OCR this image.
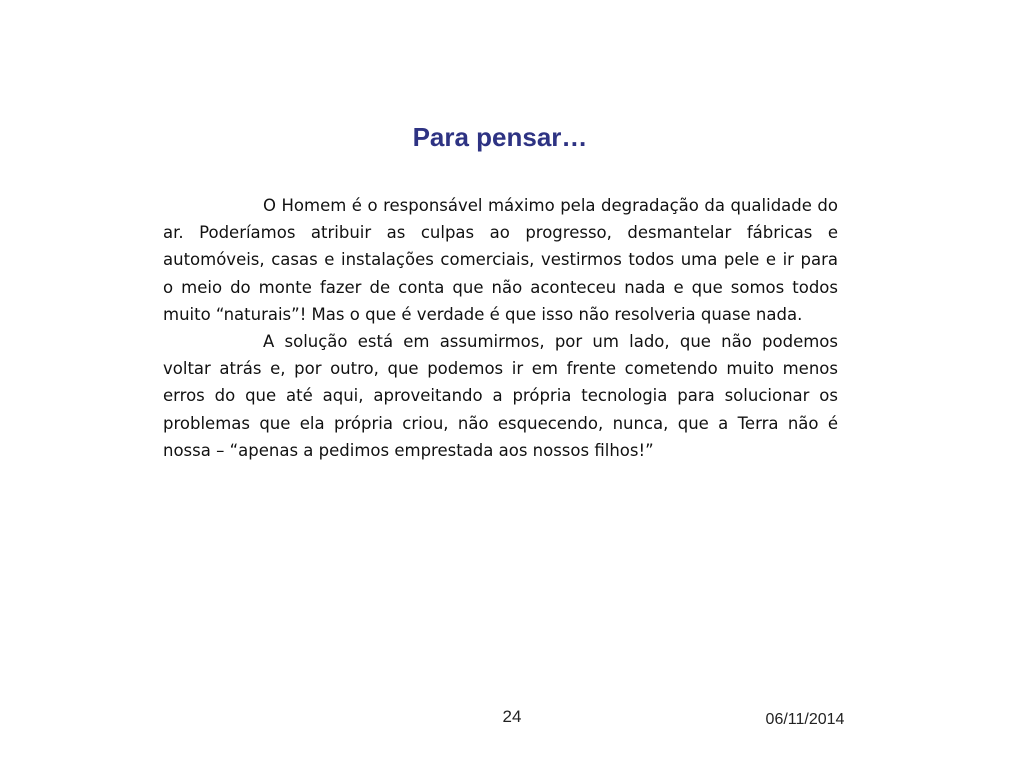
Para pensar…

O Homem é o responsável máximo pela degradação da qualidade do ar. Poderíamos atribuir as culpas ao progresso, desmantelar fábricas e automóveis, casas e instalações comerciais, vestirmos todos uma pele e ir para o meio do monte fazer de conta que não aconteceu nada e que somos todos muito “naturais”! Mas o que é verdade é que isso não resolveria quase nada.

A solução está em assumirmos, por um lado, que não podemos voltar atrás e, por outro, que podemos ir em frente cometendo muito menos erros do que até aqui, aproveitando a própria tecnologia para solucionar os problemas que ela própria criou, não esquecendo, nunca, que a Terra não é nossa – “apenas a pedimos emprestada aos nossos filhos!”

24	06/11/2014
